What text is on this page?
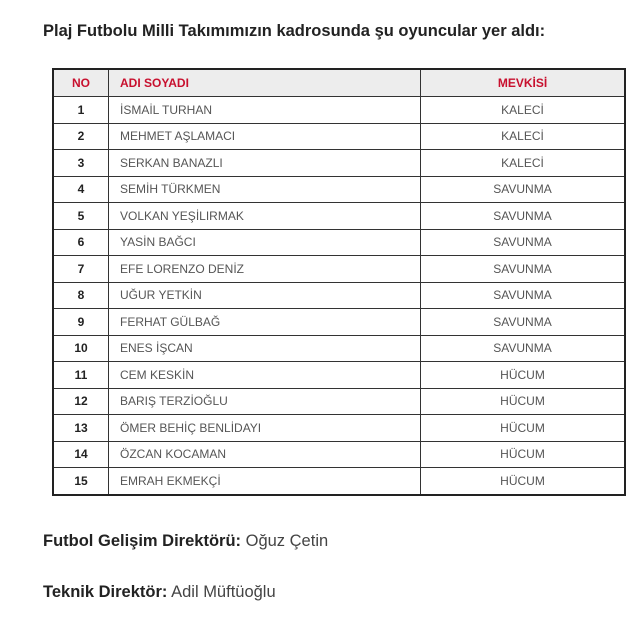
Plaj Futbolu Milli Takımımızın kadrosunda şu oyuncular yer aldı:
NO	ADI SOYADI	MEVKİSİ
1	İSMAİL TURHAN	KALECİ
2	MEHMET AŞLAMACI	KALECİ
3	SERKAN BANAZLI	KALECİ
4	SEMİH TÜRKMEN	SAVUNMA
5	VOLKAN YEŞİLIRMAK	SAVUNMA
6	YASİN BAĞCI	SAVUNMA
7	EFE LORENZO DENİZ	SAVUNMA
8	UĞUR YETKİN	SAVUNMA
9	FERHAT GÜLBAĞ	SAVUNMA
10	ENES İŞCAN	SAVUNMA
11	CEM KESKİN	HÜCUM
12	BARIŞ TERZİOĞLU	HÜCUM
13	ÖMER BEHİÇ BENLİDAYI	HÜCUM
14	ÖZCAN KOCAMAN	HÜCUM
15	EMRAH EKMEKÇİ	HÜCUM
Futbol Gelişim Direktörü: Oğuz Çetin
Teknik Direktör: Adil Müftüoğlu
